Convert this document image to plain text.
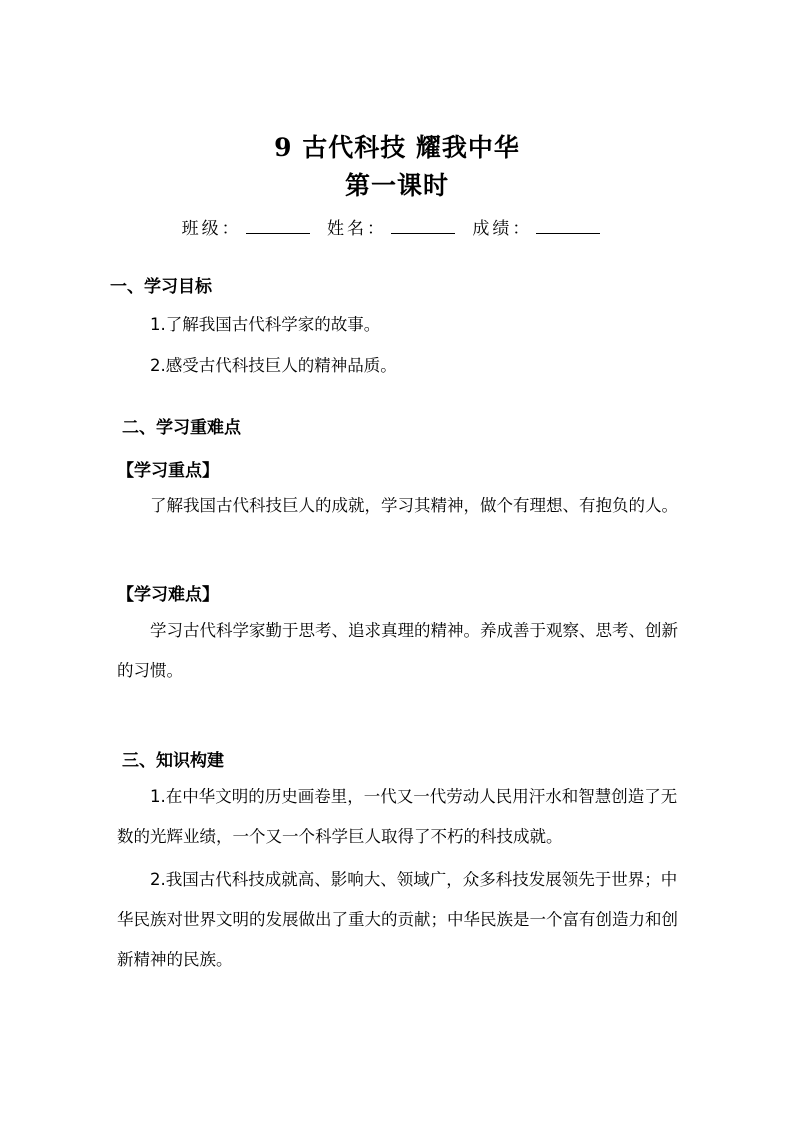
9 古代科技 耀我中华
第一课时
班级：	姓名：	成绩：
一、学习目标
1.了解我国古代科学家的故事。
2.感受古代科技巨人的精神品质。
二、学习重难点
【学习重点】
了解我国古代科技巨人的成就，学习其精神，做个有理想、有抱负的人。
【学习难点】
学习古代科学家勤于思考、追求真理的精神。养成善于观察、思考、创新的习惯。
三、知识构建
1.在中华文明的历史画卷里，一代又一代劳动人民用汗水和智慧创造了无数的光辉业绩，一个又一个科学巨人取得了不朽的科技成就。
2.我国古代科技成就高、影响大、领域广，众多科技发展领先于世界；中华民族对世界文明的发展做出了重大的贡献；中华民族是一个富有创造力和创新精神的民族。
